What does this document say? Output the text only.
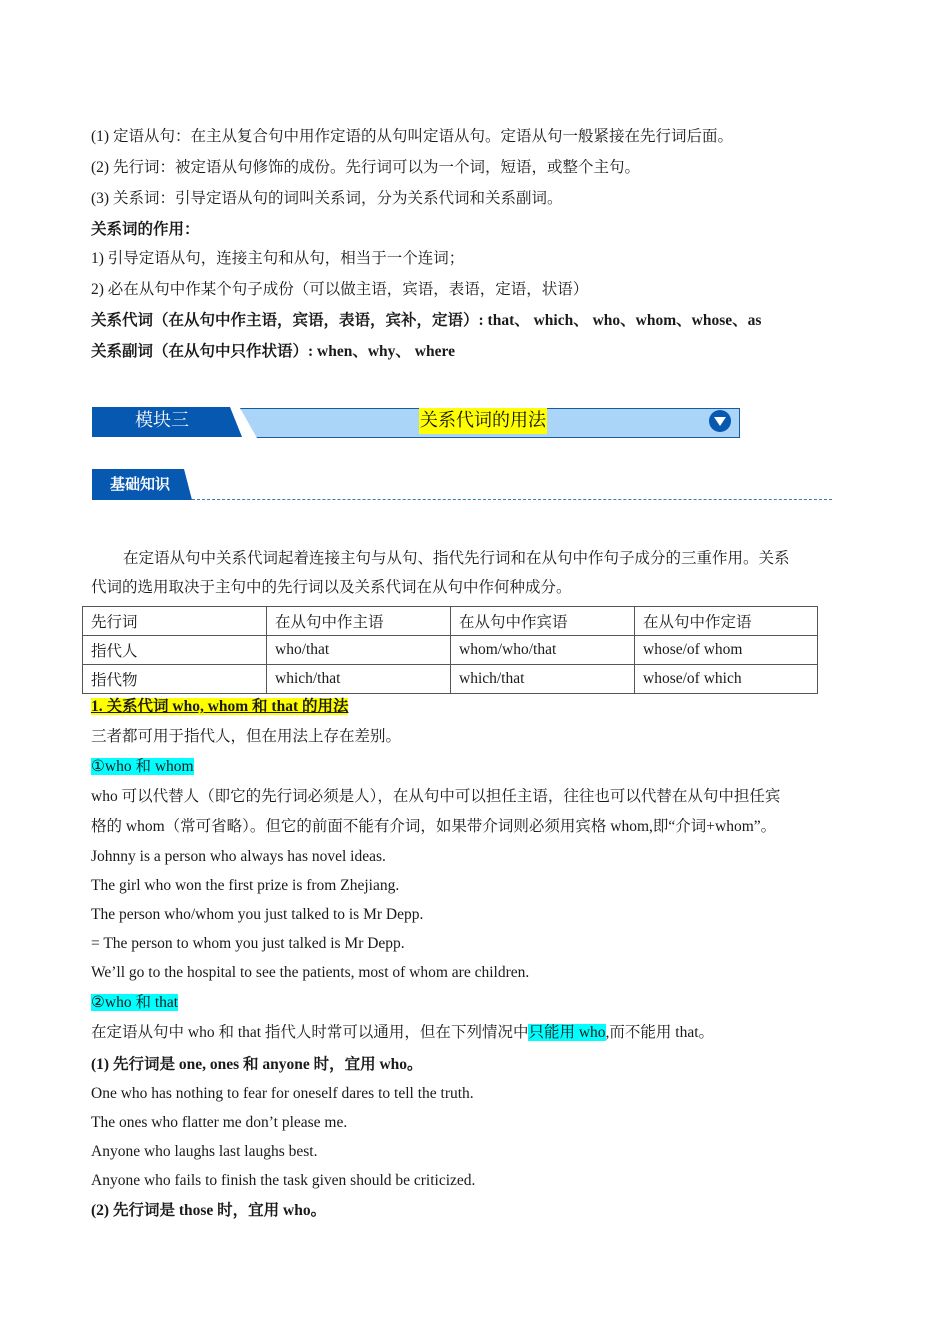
(1) 定语从句：在主从复合句中用作定语的从句叫定语从句。定语从句一般紧接在先行词后面。
(2) 先行词：被定语从句修饰的成份。先行词可以为一个词，短语，或整个主句。
(3) 关系词：引导定语从句的词叫关系词，分为关系代词和关系副词。
关系词的作用：
1) 引导定语从句，连接主句和从句，相当于一个连词；
2) 必在从句中作某个句子成份（可以做主语，宾语，表语，定语，状语）
关系代词（在从句中作主语，宾语，表语，宾补，定语）: that、 which、 who、whom、whose、as
关系副词（在从句中只作状语）: when、why、 where
模块三	关系代词的用法
基础知识
在定语从句中关系代词起着连接主句与从句、指代先行词和在从句中作句子成分的三重作用。关系
代词的选用取决于主句中的先行词以及关系代词在从句中作何种成分。
先行词	在从句中作主语	在从句中作宾语	在从句中作定语
指代人	who/that	whom/who/that	whose/of whom
指代物	which/that	which/that	whose/of which
1. 关系代词 who, whom 和 that 的用法
三者都可用于指代人，但在用法上存在差别。
①who 和 whom
who 可以代替人（即它的先行词必须是人），在从句中可以担任主语，往往也可以代替在从句中担任宾
格的 whom（常可省略）。但它的前面不能有介词，如果带介词则必须用宾格 whom,即“介词+whom”。
Johnny is a person who always has novel ideas.
The girl who won the first prize is from Zhejiang.
The person who/whom you just talked to is Mr Depp.
= The person to whom you just talked is Mr Depp.
We’ll go to the hospital to see the patients, most of whom are children.
②who 和 that
在定语从句中 who 和 that 指代人时常可以通用，但在下列情况中只能用 who,而不能用 that。
(1) 先行词是 one, ones 和 anyone 时，宜用 who。
One who has nothing to fear for oneself dares to tell the truth.
The ones who flatter me don’t please me.
Anyone who laughs last laughs best.
Anyone who fails to finish the task given should be criticized.
(2) 先行词是 those 时，宜用 who。
